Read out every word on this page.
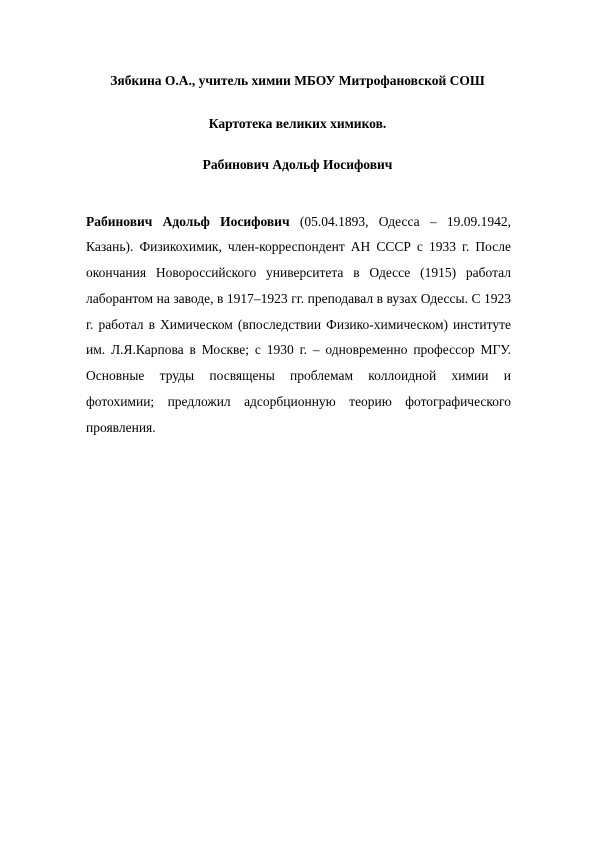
Зябкина О.А., учитель химии МБОУ Митрофановской СОШ
Картотека великих химиков.
Рабинович Адольф Иосифович

Рабинович Адольф Иосифович (05.04.1893, Одесса – 19.09.1942, Казань). Физикохимик, член-корреспондент АН СССР с 1933 г. После окончания Новороссийского университета в Одессе (1915) работал лаборантом на заводе, в 1917–1923 гг. преподавал в вузах Одессы. С 1923 г. работал в Химическом (впоследствии Физико-химическом) институте им. Л.Я.Карпова в Москве; с 1930 г. – одновременно профессор МГУ. Основные труды посвящены проблемам коллоидной химии и фотохимии; предложил адсорбционную теорию фотографического проявления.
